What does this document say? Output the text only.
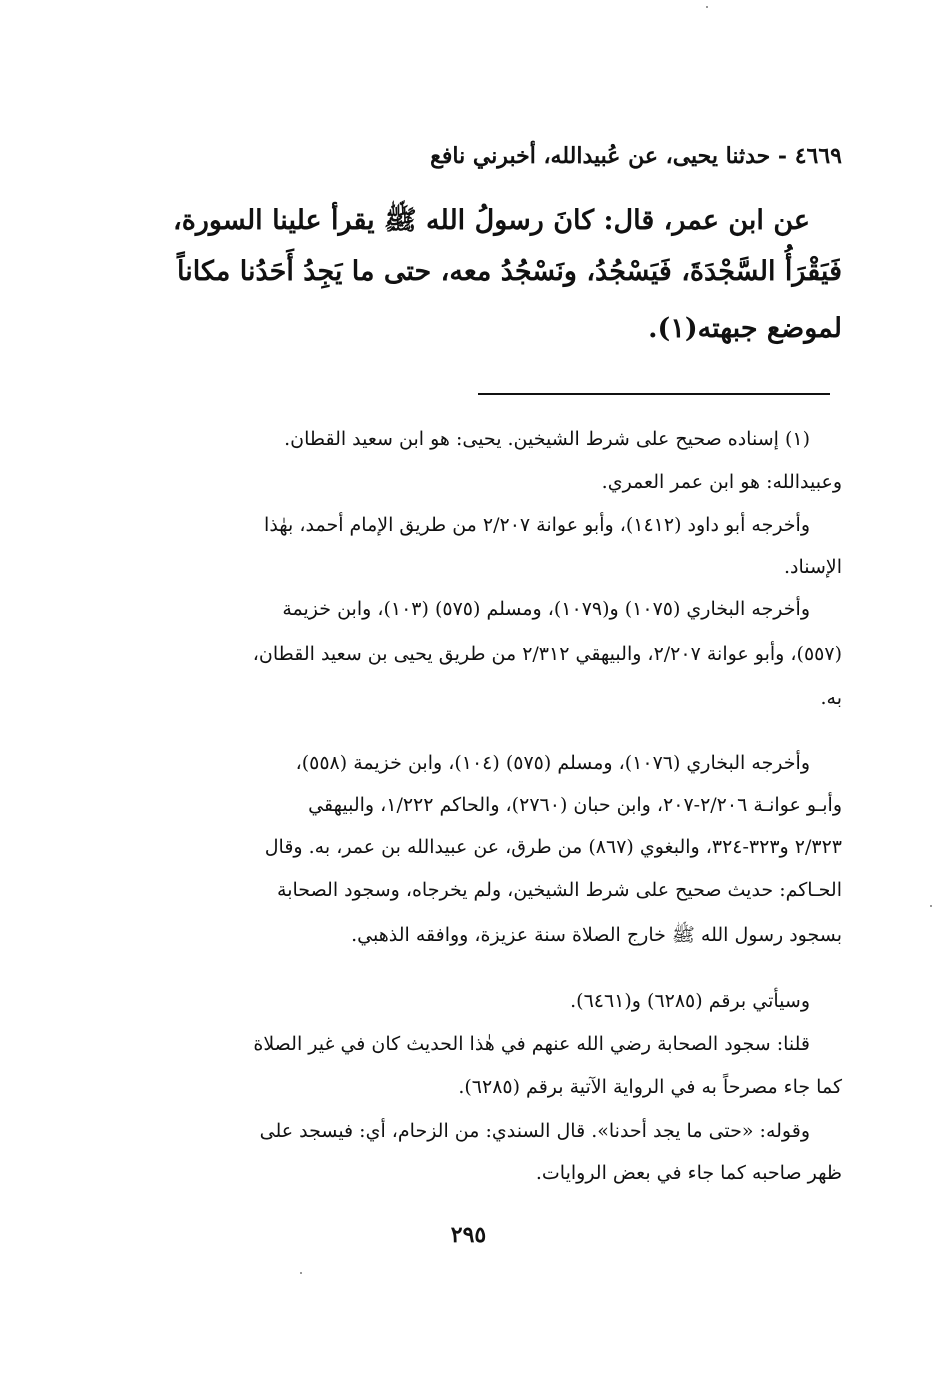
٤٦٦٩ - حدثنا يحيى، عن عُبيدالله، أخبرني نافع
عن ابن عمر، قال: كانَ رسولُ الله ﷺ يقرأ علينا السورة،
فَيَقْرَأُ السَّجْدَةَ، فَيَسْجُدُ، ونَسْجُدُ معه، حتى ما يَجِدُ أَحَدُنا مكاناً
لموضع جبهته(١).
(١) إسناده صحيح على شرط الشيخين. يحيى: هو ابن سعيد القطان.
وعبيدالله: هو ابن عمر العمري.
وأخرجه أبو داود (١٤١٢)، وأبو عوانة ٢/٢٠٧ من طريق الإمام أحمد، بهٰذا
الإسناد.
وأخرجه البخاري (١٠٧٥) و(١٠٧٩)، ومسلم (٥٧٥) (١٠٣)، وابن خزيمة
(٥٥٧)، وأبو عوانة ٢/٢٠٧، والبيهقي ٢/٣١٢ من طريق يحيى بن سعيد القطان،
به.
وأخرجه البخاري (١٠٧٦)، ومسلم (٥٧٥) (١٠٤)، وابن خزيمة (٥٥٨)،
وأبـو عوانـة ٢/٢٠٦-٢٠٧، وابن حبان (٢٧٦٠)، والحاكم ١/٢٢٢، والبيهقي
٢/٣٢٣ و٣٢٣-٣٢٤، والبغوي (٨٦٧) من طرق، عن عبيدالله بن عمر، به. وقال
الحـاكم: حديث صحيح على شرط الشيخين، ولم يخرجاه، وسجود الصحابة
بسجود رسول الله ﷺ خارج الصلاة سنة عزيزة، ووافقه الذهبي.
وسيأتي برقم (٦٢٨٥) و(٦٤٦١).
قلنا: سجود الصحابة رضي الله عنهم في هٰذا الحديث كان في غير الصلاة
كما جاء مصرحاً به في الرواية الآتية برقم (٦٢٨٥).
وقوله: «حتى ما يجد أحدنا». قال السندي: من الزحام، أي: فيسجد على
ظهر صاحبه كما جاء في بعض الروايات.
٢٩٥
